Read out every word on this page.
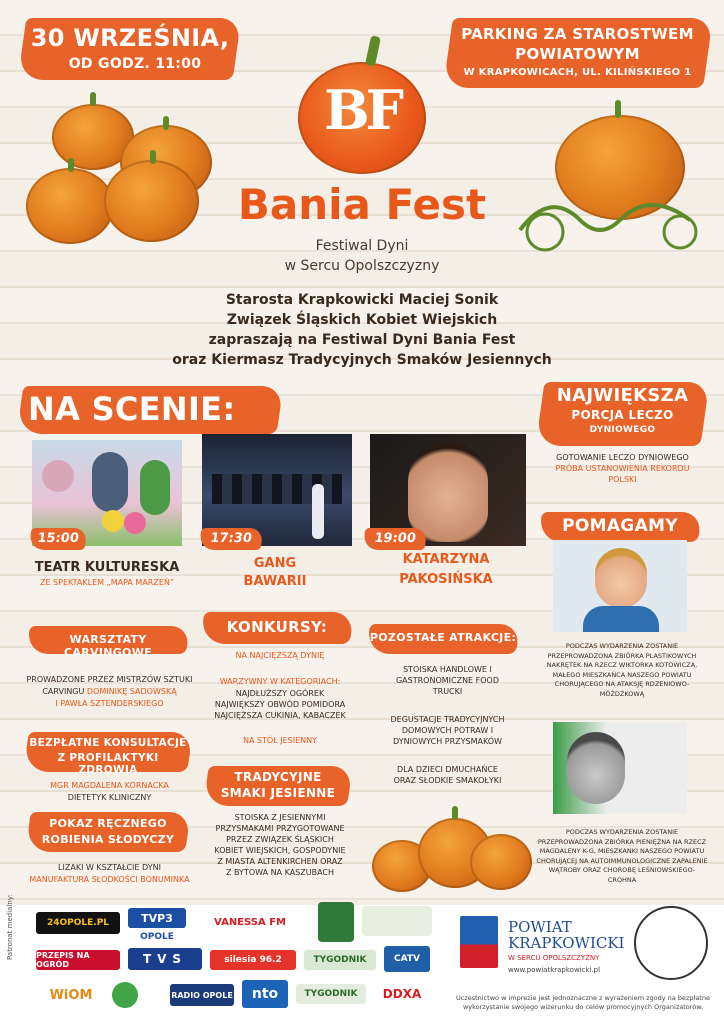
30 WRZEŚNIA,
OD GODZ. 11:00
PARKING ZA STAROSTWEM
POWIATOWYM
W KRAPKOWICACH, UL. KILIŃSKIEGO 1
BF
Bania Fest
Festiwal Dyni
w Sercu Opolszczyzny
Starosta Krapkowicki Maciej Sonik
Związek Śląskich Kobiet Wiejskich
zapraszają na Festiwal Dyni Bania Fest
oraz Kiermasz Tradycyjnych Smaków Jesiennych
NA SCENIE:
15:00	17:30	19:00
TEATR KULTURESKA
ZE SPEKTAKLEM „MAPA MARZEŃ”
GANG
BAWARII
KATARZYNA
PAKOSIŃSKA
NAJWIĘKSZA
PORCJA LECZO
DYNIOWEGO
GOTOWANIE LECZO DYNIOWEGO
PRÓBA USTANOWIENIA REKORDU
POLSKI
POMAGAMY
PODCZAS WYDARZENIA ZOSTANIE PRZEPROWADZONA ZBIÓRKA PLASTIKOWYCH NAKRĘTEK NA RZECZ WIKTORKA KOTOWICZA, MAŁEGO MIESZKAŃCA NASZEGO POWIATU CHORUJĄCEGO NA ATAKSJĘ RDZENIOWO-MÓŻDŻKOWĄ
PODCZAS WYDARZENIA ZOSTANIE PRZEPROWADZONA ZBIÓRKA PIENIĘŻNA NA RZECZ MAGDALENY K-G, MIESZKANKI NASZEGO POWIATU CHORUJĄCEJ NA AUTOIMMUNOLOGICZNE ZAPALENIE WĄTROBY ORAZ CHOROBĘ LEŚNIOWSKIEGO-CROHNA
WARSZTATY CARVINGOWE
PROWADZONE PRZEZ MISTRZÓW SZTUKI
CARVINGU DOMINIKĘ SADOWSKĄ
I PAWŁA SZTENDERSKIEGO
BEZPŁATNE KONSULTACJE
Z PROFILAKTYKI ZDROWIA
MGR MAGDALENA KORNACKA
DIETETYK KLINICZNY
POKAZ RĘCZNEGO
ROBIENIA SŁODYCZY
LIZAKI W KSZTAŁCIE DYNI
MANUFAKTURA SŁODKOŚCI BONUMINKA
KONKURSY:
NA NAJCIĘŻSZĄ DYNIĘ
WARZYWNY W KATEGORIACH:
NAJDŁUŻSZY OGÓREK
NAJWIĘKSZY OBWÓD POMIDORA
NAJCIĘŻSZA CUKINIA, KABACZEK
NA STÓŁ JESIENNY
TRADYCYJNE
SMAKI JESIENNE
STOISKA Z JESIENNYMI
PRZYSMAKAMI PRZYGOTOWANE
PRZEZ ZWIĄZEK ŚLĄSKICH
KOBIET WIEJSKICH, GOSPODYNIE
Z MIASTA ALTENKIRCHEN ORAZ
Z BYTOWA NA KASZUBACH
POZOSTAŁE ATRAKCJE:
STOISKA HANDLOWE I GASTRONOMICZNE FOOD TRUCKI
DEGUSTACJE TRADYCYJNYCH DOMOWYCH POTRAW I DYNIOWYCH PRZYSMAKÓW
DLA DZIECI DMUCHAŃCE ORAZ SŁODKIE SMAKOŁYKI
Patronat medialny:	24OPOLE.PL	TVP3
OPOLE
VANESSA FM
PRZEPIS NA OGRÓD	TVS	silesia 96.2	TYGODNIK	CATV
WiOM	RADIO OPOLE	nto	TYGODNIK	DDXA
POWIAT
KRAPKOWICKI
W SERCU OPOLSZCZYZNY
www.powiatkrapkowicki.pl
Uczestnictwo w imprezie jest jednoznaczne z wyrażeniem zgody na bezpłatne wykorzystanie swojego wizerunku do celów promocyjnych Organizatorów.
